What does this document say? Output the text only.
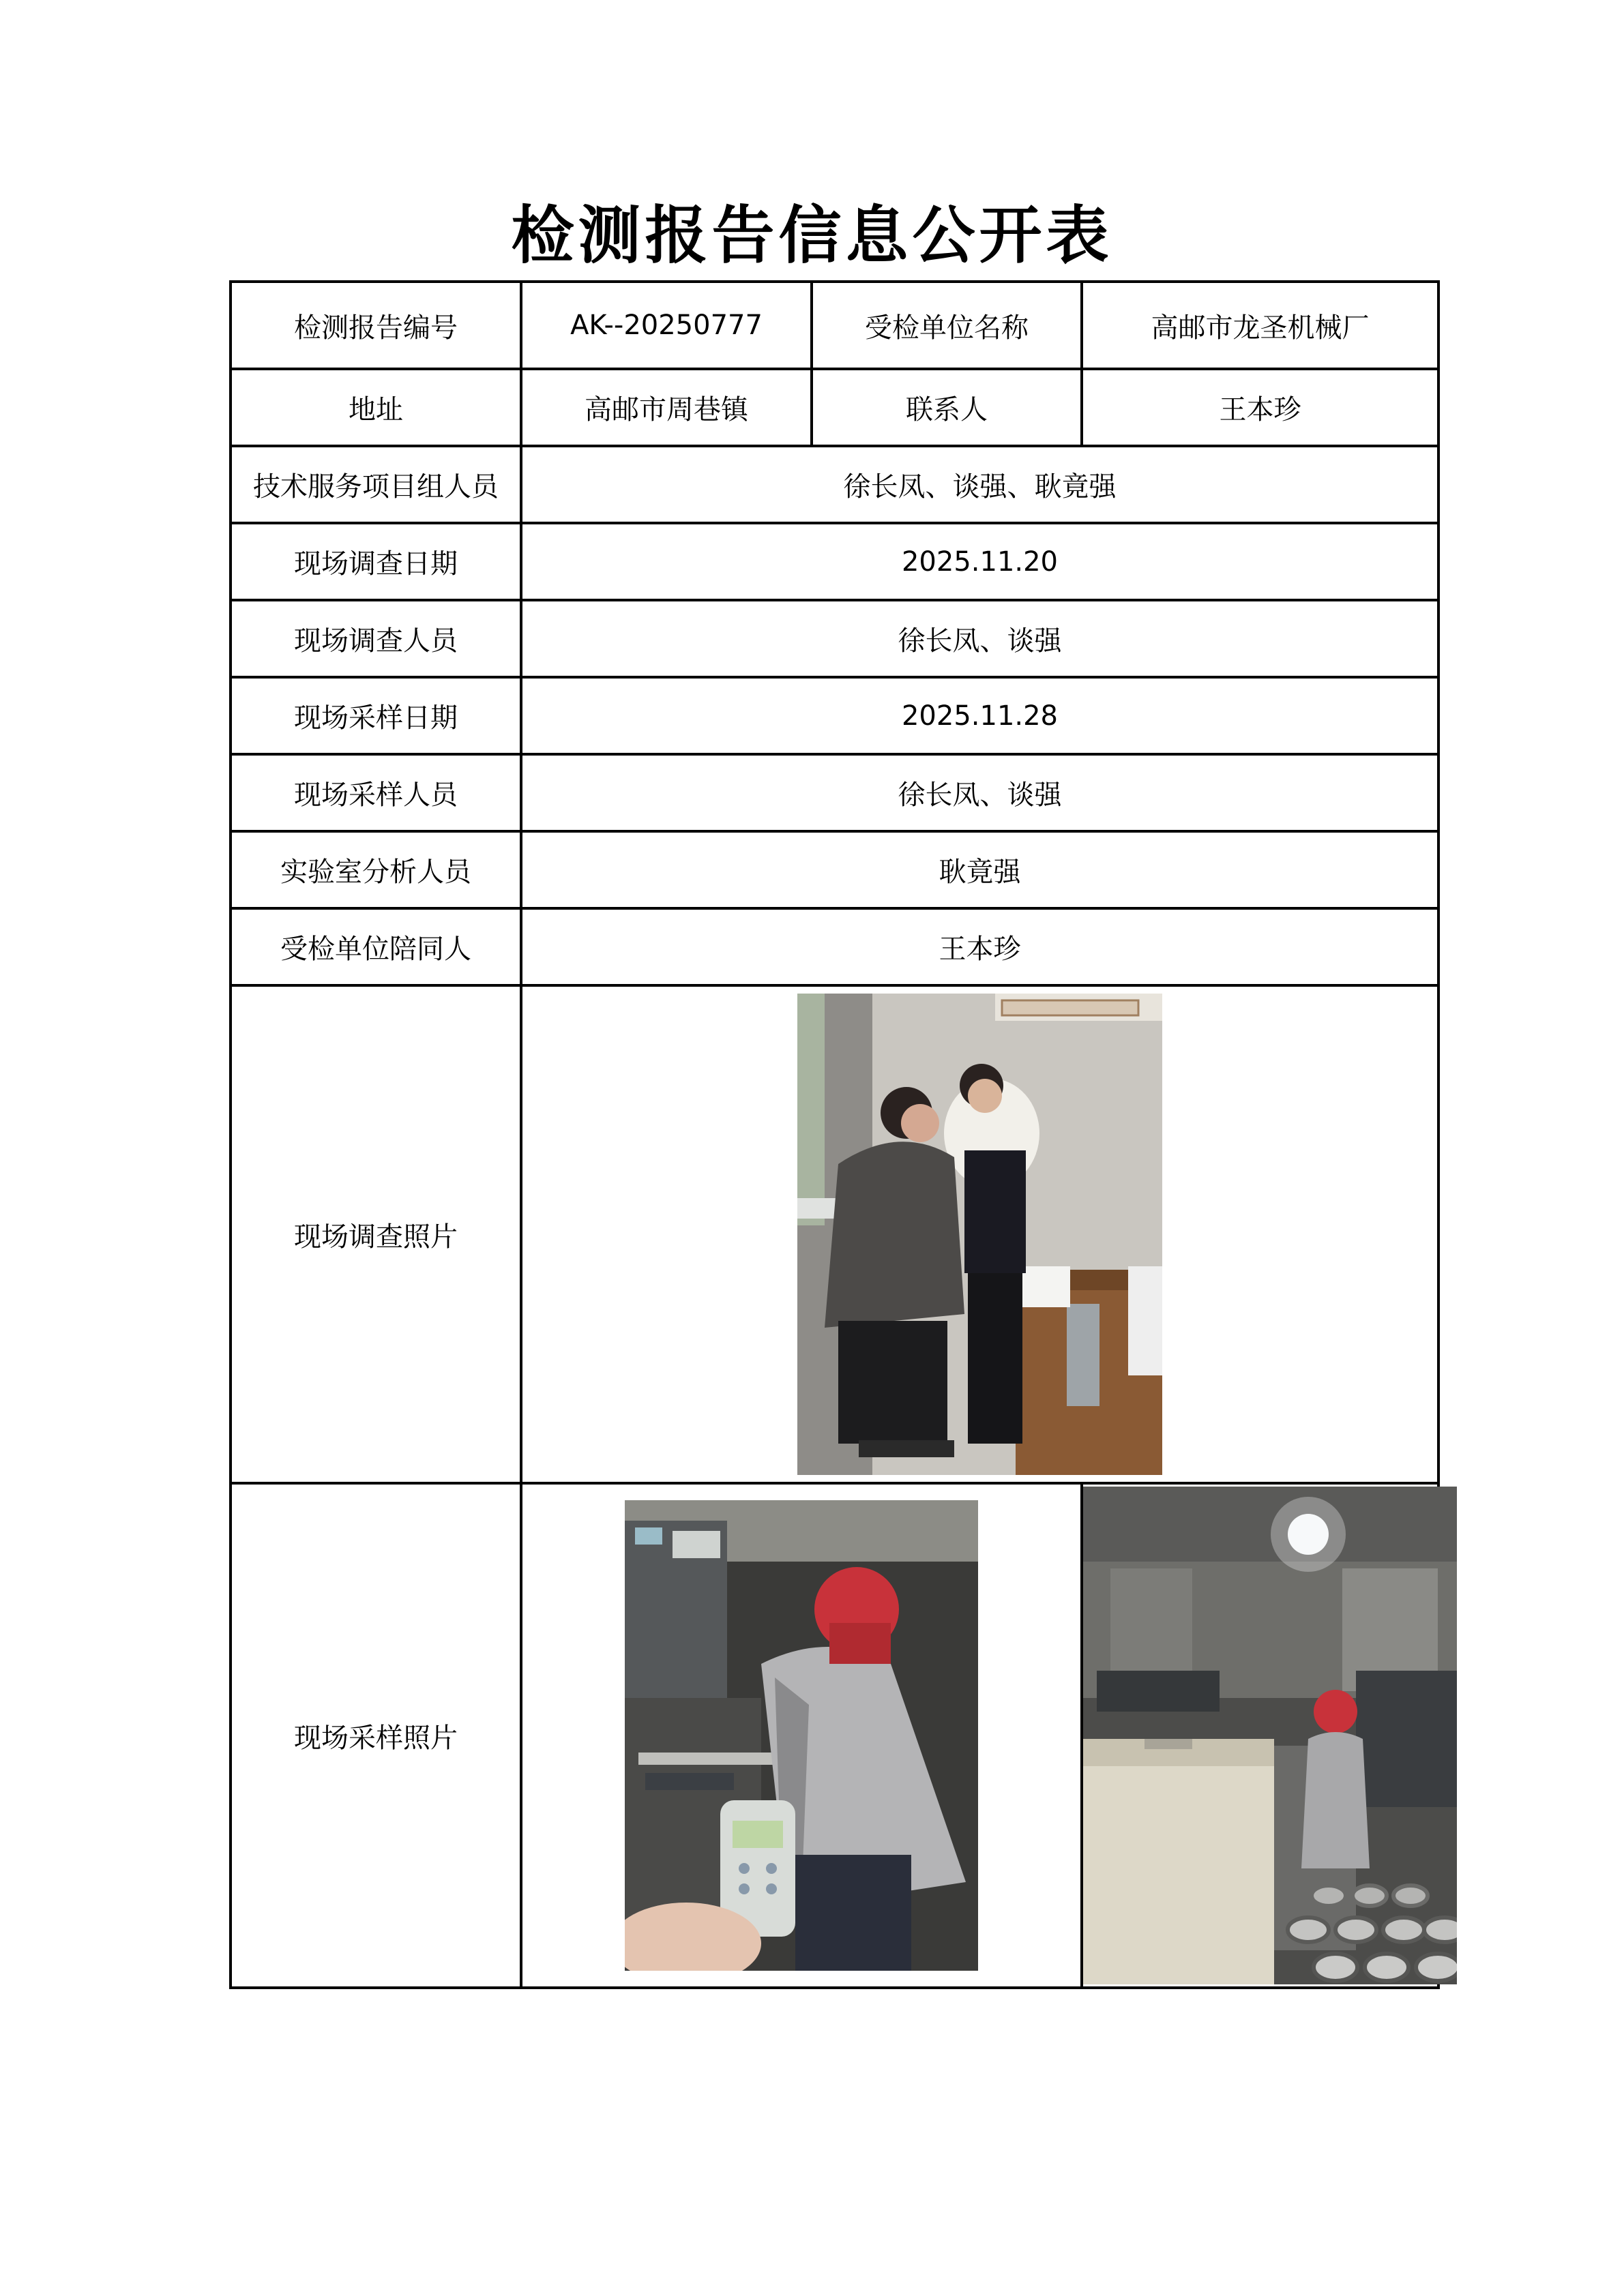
检测报告信息公开表
检测报告编号	AK--20250777	受检单位名称	高邮市龙圣机械厂
地址	高邮市周巷镇	联系人	王本珍
技术服务项目组人员	徐长凤、谈强、耿竟强		
现场调查日期	2025.11.20		
现场调查人员	徐长凤、谈强		
现场采样日期	2025.11.28		
现场采样人员	徐长凤、谈强		
实验室分析人员	耿竟强		
受检单位陪同人	王本珍		
现场调查照片	

现场采样照片	
